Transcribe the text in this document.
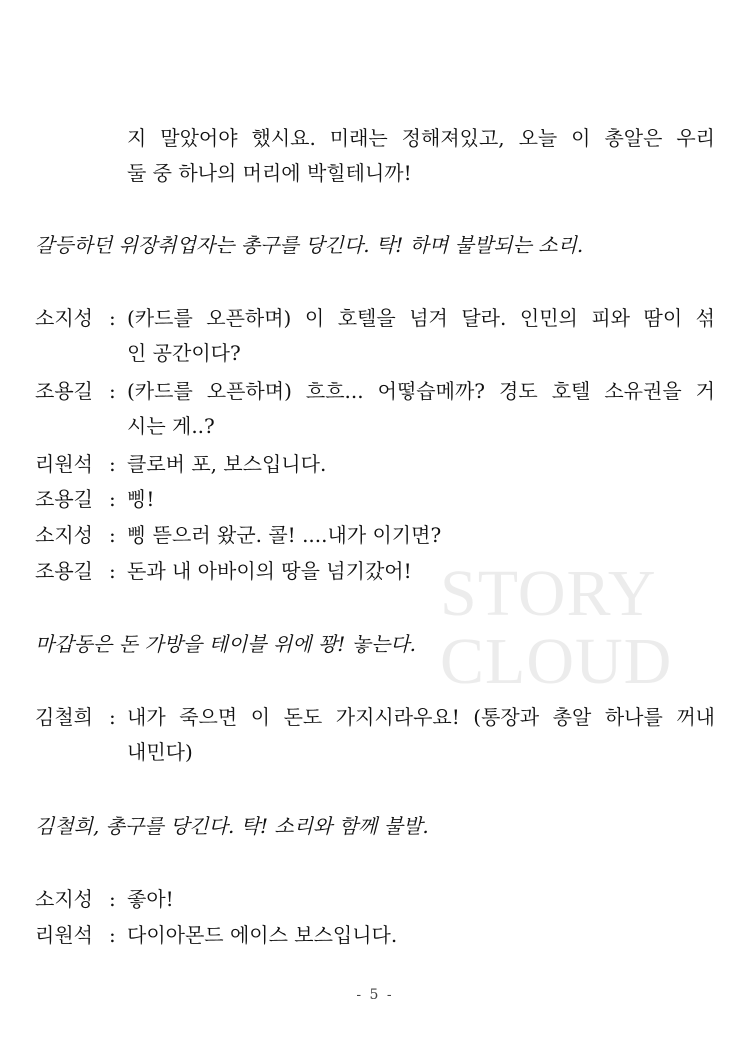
STORY
CLOUD
지 말았어야 했시요. 미래는 정해져있고, 오늘 이 총알은 우리
둘 중 하나의 머리에 박힐테니까!
갈등하던 위장취업자는 총구를 당긴다. 탁! 하며 불발되는 소리.
소지성 : (카드를 오픈하며) 이 호텔을 넘겨 달라. 인민의 피와 땀이 섞
인 공간이다?
조용길 : (카드를 오픈하며) 흐흐... 어떻습메까? 경도 호텔 소유권을 거
시는 게..?
리원석 : 클로버 포, 보스입니다.
조용길 : 삥!
소지성 : 삥 뜯으러 왔군. 콜! ....내가 이기면?
조용길 : 돈과 내 아바이의 땅을 넘기갔어!
마갑동은 돈 가방을 테이블 위에 꽝! 놓는다.
김철희 : 내가 죽으면 이 돈도 가지시라우요! (통장과 총알 하나를 꺼내
내민다)
김철희, 총구를 당긴다. 탁! 소리와 함께 불발.
소지성 : 좋아!
리원석 : 다이아몬드 에이스 보스입니다.
- 5 -
